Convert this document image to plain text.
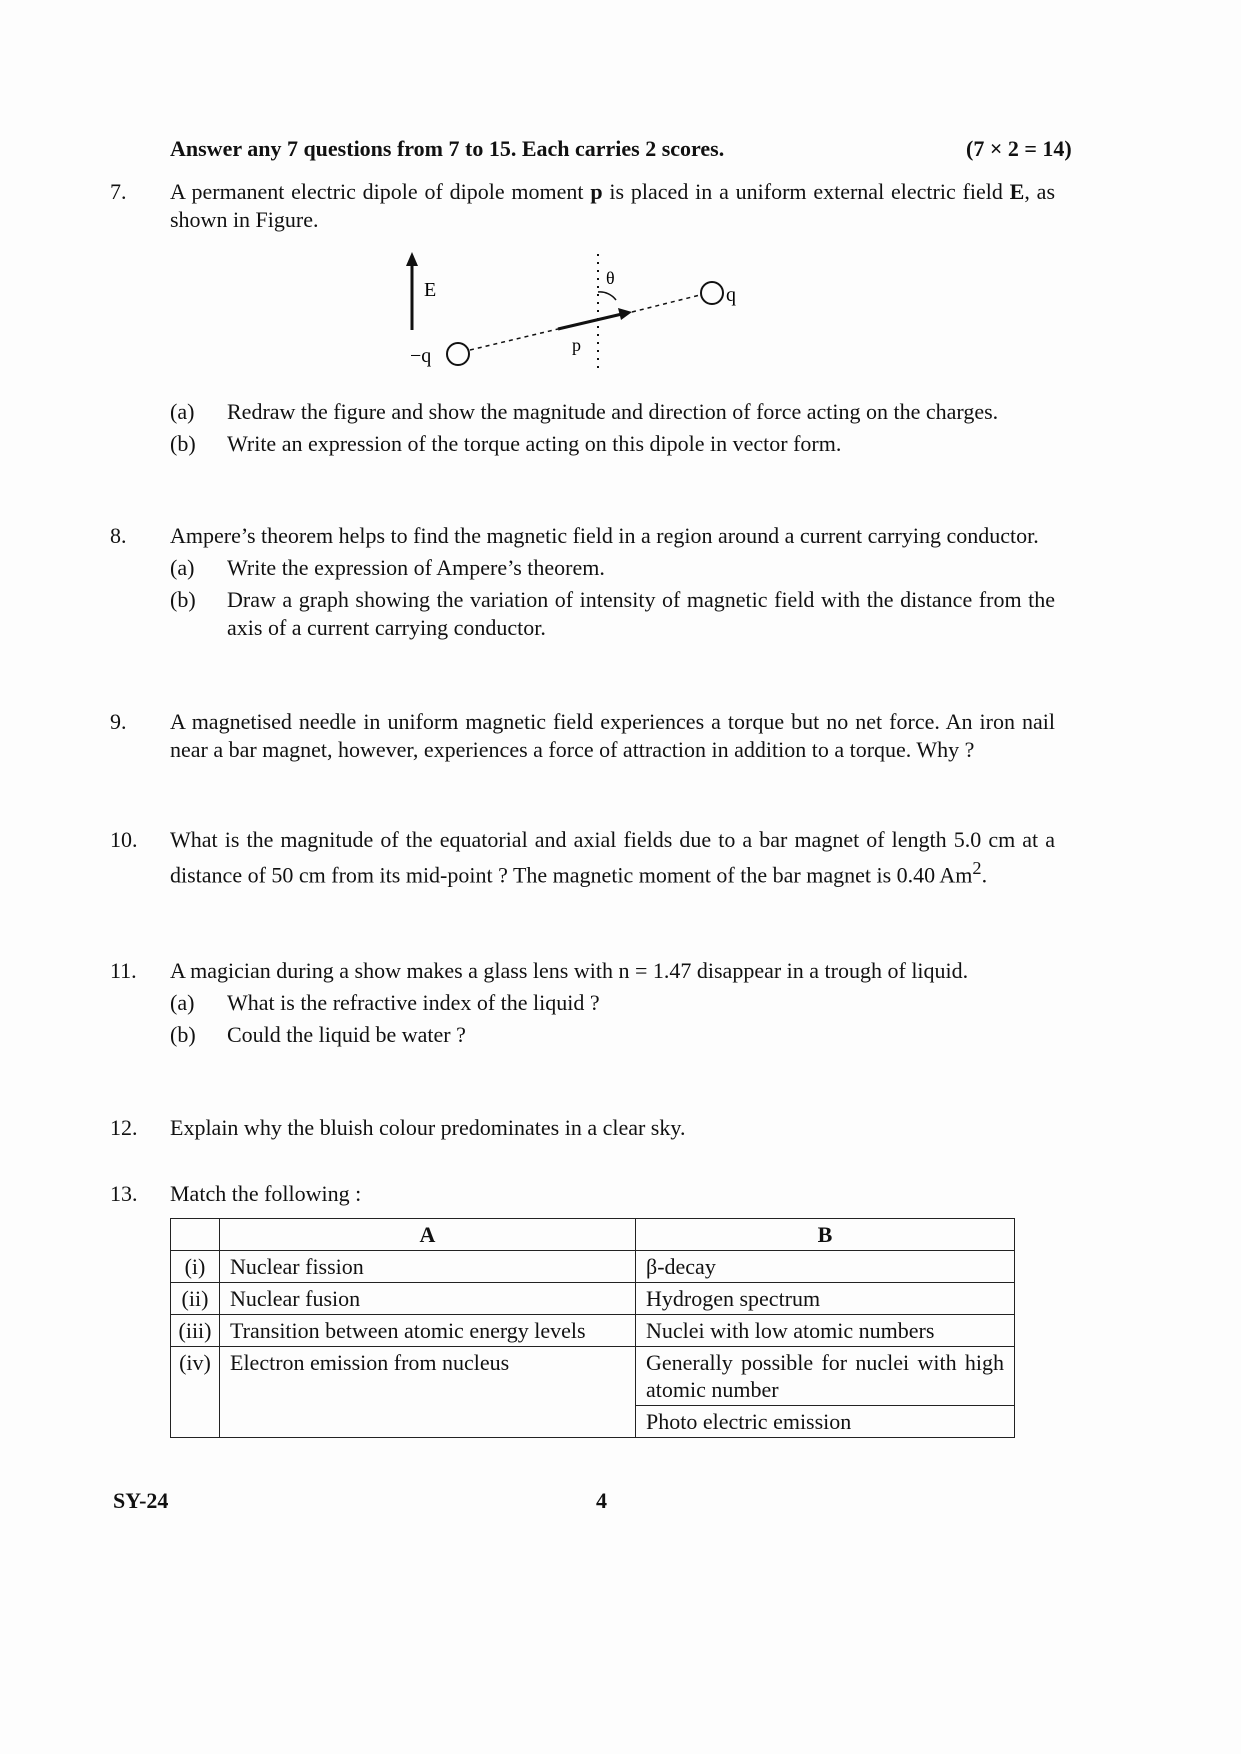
Answer any 7 questions from 7 to 15. Each carries 2 scores.	(7 × 2 = 14)
7.	A permanent electric dipole of dipole moment p is placed in a uniform external electric field E, as shown in Figure.
E
−q	p
θ
q
(a) Redraw the figure and show the magnitude and direction of force acting on the charges.
(b) Write an expression of the torque acting on this dipole in vector form.
8.	Ampere’s theorem helps to find the magnetic field in a region around a current carrying conductor.
(a) Write the expression of Ampere’s theorem.
(b) Draw a graph showing the variation of intensity of magnetic field with the distance from the axis of a current carrying conductor.
9.	A magnetised needle in uniform magnetic field experiences a torque but no net force. An iron nail near a bar magnet, however, experiences a force of attraction in addition to a torque. Why ?
10.	What is the magnitude of the equatorial and axial fields due to a bar magnet of length 5.0 cm at a distance of 50 cm from its mid-point ? The magnetic moment of the bar magnet is 0.40 Am$^2$.
11.	A magician during a show makes a glass lens with n = 1.47 disappear in a trough of liquid.
(a) What is the refractive index of the liquid ?
(b) Could the liquid be water ?
12.	Explain why the bluish colour predominates in a clear sky.
13.	Match the following :
	A	B
(i)	Nuclear fission	β-decay
(ii)	Nuclear fusion	Hydrogen spectrum
(iii)	Transition between atomic energy levels	Nuclei with low atomic numbers
(iv)	Electron emission from nucleus	Generally possible for nuclei with high atomic number
		Photo electric emission
SY-24	4
